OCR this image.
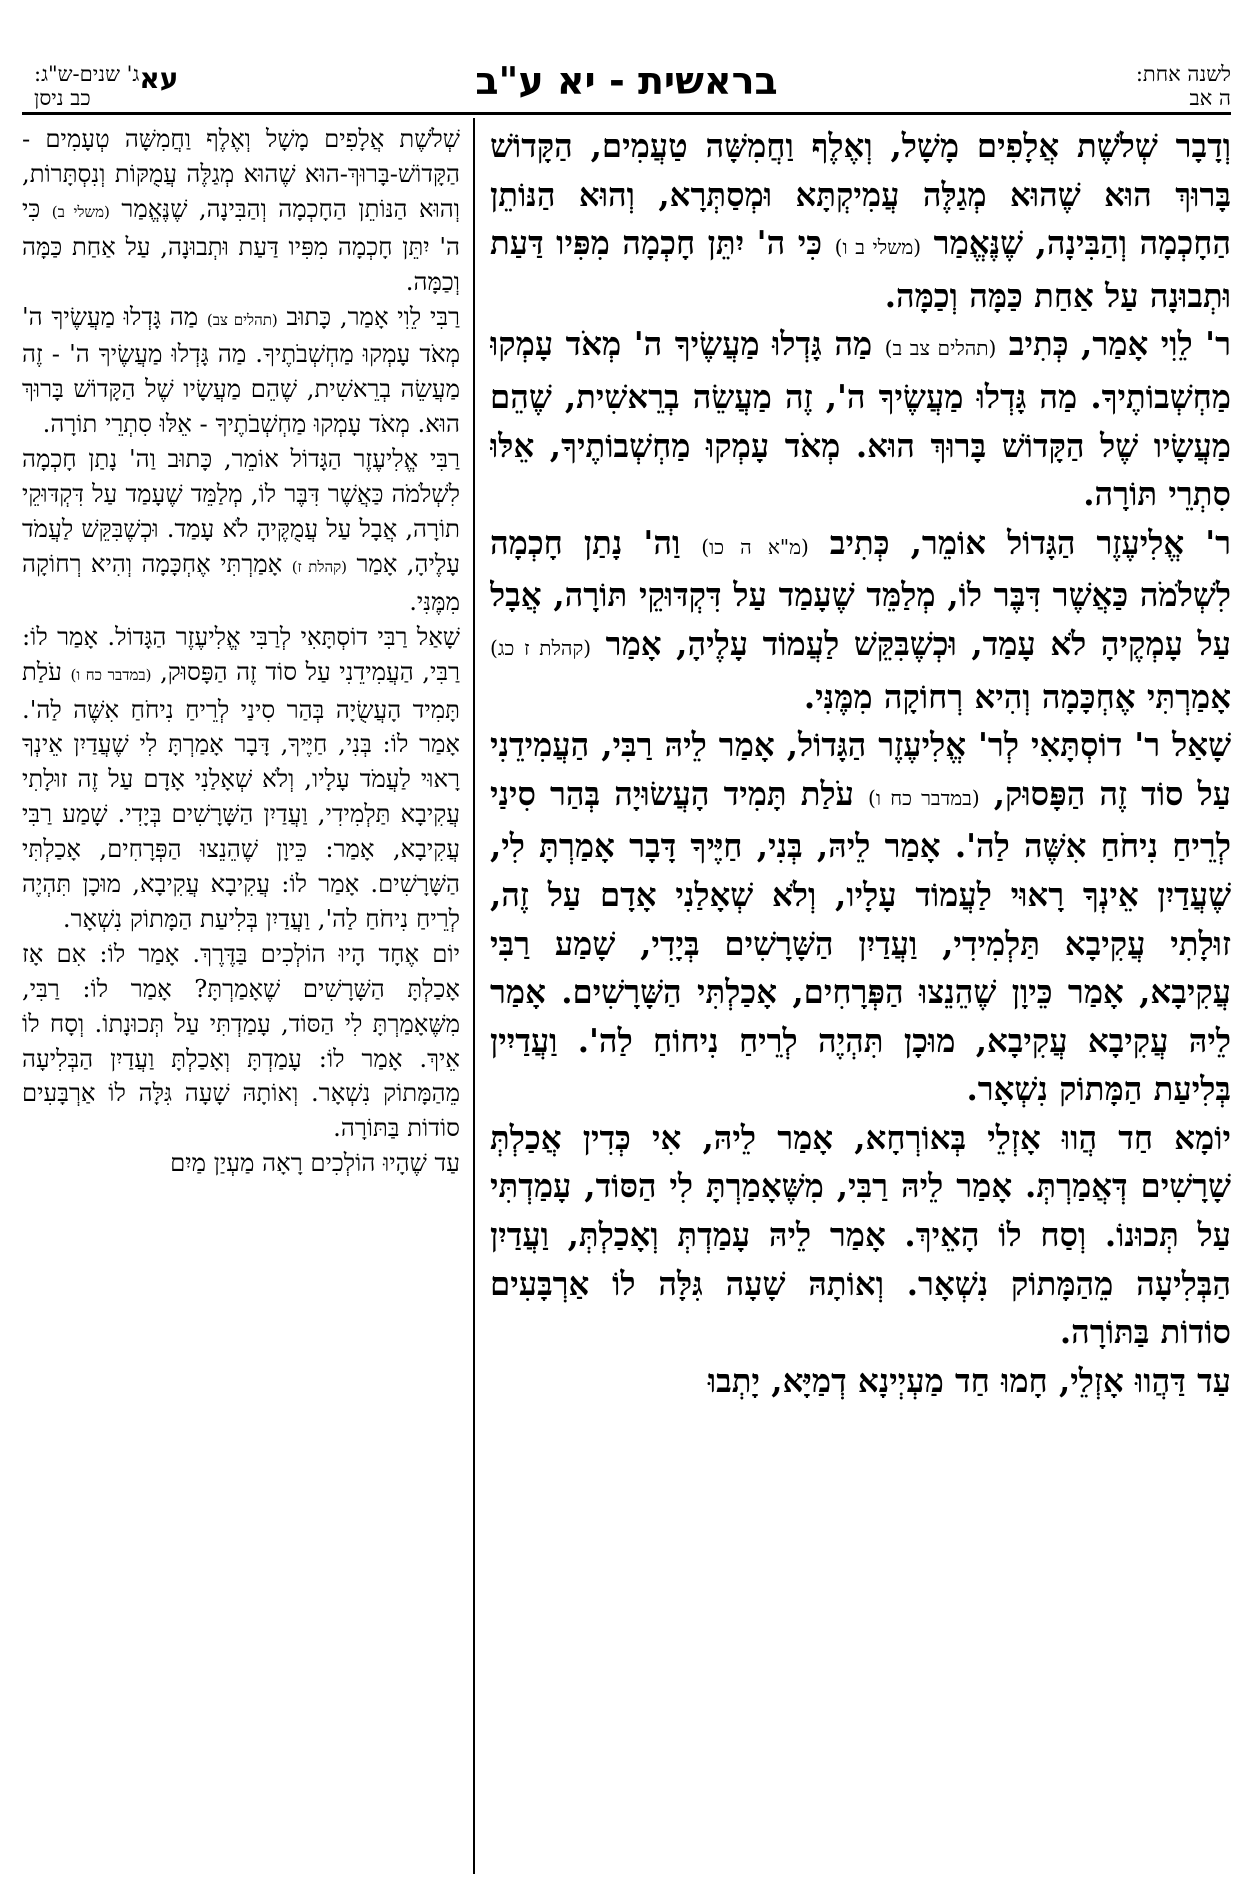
לשנה אחת:
ה אב
בראשית - יא ע"ב
עא
ג' שנים-ש"ג:
כב ניסן

וְדָבָר שְׁלֹשֶׁת אֲלָפִים מָשָׁל, וְאֶלֶף וַחֲמִשָּׁה טַעֲמִים, הַקָּדוֹשׁ בָּרוּךְ הוּא שֶׁהוּא מְגַלֶּה עֲמִיקְתָּא וּמְסַתְּרָא, וְהוּא הַנּוֹתֵן הַחָכְמָה וְהַבִּינָה, שֶׁנֶּאֱמַר (משלי ב ו) כִּי ה' יִתֵּן חָכְמָה מִפִּיו דַּעַת וּתְבוּנָה עַל אַחַת כַּמָּה וְכַמָּה.

ר' לֵוִי אָמַר, כְּתִיב (תהלים צב ב) מַה גָּדְלוּ מַעֲשֶׂיךָ ה' מְאֹד עָמְקוּ מַחְשְׁבוֹתֶיךָ. מַה גָּדְלוּ מַעֲשֶׂיךָ ה', זֶה מַעֲשֵׂה בְרֵאשִׁית, שֶׁהֵם מַעֲשָׂיו שֶׁל הַקָּדוֹשׁ בָּרוּךְ הוּא. מְאֹד עָמְקוּ מַחְשְׁבוֹתֶיךָ, אֵלּוּ סִתְרֵי תּוֹרָה.

ר' אֱלִיעֶזֶר הַגָּדוֹל אוֹמֵר, כְּתִיב (מ"א ה כו) וַה' נָתַן חָכְמָה לִשְׁלֹמֹה כַּאֲשֶׁר דִּבֶּר לוֹ, מְלַמֵּד שֶׁעָמַד עַל דִּקְדּוּקֵי תּוֹרָה, אֲבָל עַל עָמְקֶיהָ לֹא עָמַד, וּכְשֶׁבִּקֵּשׁ לַעֲמוֹד עָלֶיהָ, אָמַר (קהלת ז כג) אָמַרְתִּי אֶחְכָּמָה וְהִיא רְחוֹקָה מִמֶּנִּי.

שָׁאַל ר' דוֹסְתָּאִי לְר' אֱלִיעֶזֶר הַגָּדוֹל, אָמַר לֵיהּ רַבִּי, הַעֲמִידֵנִי עַל סוֹד זֶה הַפָּסוּק, (במדבר כח ו) עֹלַת תָּמִיד הָעֲשׂוּיָה בְּהַר סִינַי לְרֵיחַ נִיחֹחַ אִשֶּׁה לַה'. אָמַר לֵיהּ, בְּנִי, חַיֶּיךָ דָּבָר אָמַרְתָּ לִי, שֶׁעֲדַיִן אֵינְךָ רָאוּי לַעֲמוֹד עָלָיו, וְלֹא שְׁאָלַנִי אָדָם עַל זֶה, זוּלָתִי עֲקִיבָא תַּלְמִידִי, וַעֲדַיִן הַשָּׁרָשִׁים בְּיָדִי, שָׁמַע רַבִּי עֲקִיבָא, אָמַר כֵּיוָן שֶׁהֵנֵצוּ הַפְּרָחִים, אָכַלְתִּי הַשָּׁרָשִׁים. אָמַר לֵיהּ עֲקִיבָא עֲקִיבָא, מוּכָן תִּהְיֶה לְרֵיחַ נִיחוֹחַ לַה'. וַעֲדַיִין בְּלִיעַת הַמָּתוֹק נִשְׁאָר.

יוֹמָא חַד הֲווּ אָזְלֵי בְּאוֹרְחָא, אָמַר לֵיהּ, אִי כְּדִין אֲכַלְתְּ שָׁרָשִׁים דְּאֲמַרְתְּ. אָמַר לֵיהּ רַבִּי, מִשֶּׁאָמַרְתָּ לִי הַסּוֹד, עָמַדְתִּי עַל תְּכוּנוֹ. וְסַח לוֹ הָאֵיךְ. אָמַר לֵיהּ עָמַדְתְּ וְאָכַלְתְּ, וַעֲדַיִן הַבְּלִיעָה מֵהַמָּתוֹק נִשְׁאָר. וְאוֹתָהּ שָׁעָה גִּלָּה לוֹ אַרְבָּעִים סוֹדוֹת בַּתּוֹרָה.

עַד דַּהֲווּ אָזְלֵי, חָמוּ חַד מַעְיְינָא דְמַיָּא, יָתְבוּ

שְׁלֹשֶׁת אֲלָפִים מָשָׁל וְאֶלֶף וַחֲמִשָּׁה טְעָמִים - הַקָּדוֹשׁ-בָּרוּךְ-הוּא שֶׁהוּא מְגַלֶּה עֲמֻקּוֹת וְנִסְתָּרוֹת, וְהוּא הַנּוֹתֵן הַחָכְמָה וְהַבִּינָה, שֶׁנֶּאֱמַר (משלי ב) כִּי ה' יִתֵּן חָכְמָה מִפִּיו דַּעַת וּתְבוּנָה, עַל אַחַת כַּמָּה וְכַמָּה.

רַבִּי לֵוִי אָמַר, כָּתוּב (תהלים צב) מַה גָּדְלוּ מַעֲשֶׂיךָ ה' מְאֹד עָמְקוּ מַחְשְׁבֹתֶיךָ. מַה גָּדְלוּ מַעֲשֶׂיךָ ה' - זֶה מַעֲשֵׂה בְרֵאשִׁית, שֶׁהֵם מַעֲשָׂיו שֶׁל הַקָּדוֹשׁ בָּרוּךְ הוּא. מְאֹד עָמְקוּ מַחְשְׁבֹתֶיךָ - אֵלּוּ סִתְרֵי תוֹרָה.

רַבִּי אֱלִיעֶזֶר הַגָּדוֹל אוֹמֵר, כָּתוּב וַה' נָתַן חָכְמָה לִשְׁלֹמֹה כַּאֲשֶׁר דִּבֶּר לוֹ, מְלַמֵּד שֶׁעָמַד עַל דִּקְדּוּקֵי תוֹרָה, אֲבָל עַל עֲמֻקֶּיהָ לֹא עָמַד. וּכְשֶׁבִּקֵּשׁ לַעֲמֹד עָלֶיהָ, אָמַר (קהלת ז) אָמַרְתִּי אֶחְכָּמָה וְהִיא רְחוֹקָה מִמֶּנִּי.

שָׁאַל רַבִּי דוֹסְתָּאִי לְרַבִּי אֱלִיעֶזֶר הַגָּדוֹל. אָמַר לוֹ: רַבִּי, הַעֲמִידֵנִי עַל סוֹד זֶה הַפָּסוּק, (במדבר כח ו) עֹלַת תָּמִיד הָעֲשֻׂיָה בְּהַר סִינַי לְרֵיחַ נִיחֹחַ אִשֶּׁה לַה'. אָמַר לוֹ: בְּנִי, חַיֶּיךָ, דָּבָר אָמַרְתָּ לִי שֶׁעֲדַיִן אֵינְךָ רָאוּי לַעֲמֹד עָלָיו, וְלֹא שְׁאָלַנִי אָדָם עַל זֶה זוּלָתִי עֲקִיבָא תַּלְמִידִי, וַעֲדַיִן הַשָּׁרָשִׁים בְּיָדִי. שָׁמַע רַבִּי עֲקִיבָא, אָמַר: כֵּיוָן שֶׁהֵנֵצוּ הַפְּרָחִים, אָכַלְתִּי הַשָּׁרָשִׁים. אָמַר לוֹ: עֲקִיבָא עֲקִיבָא, מוּכָן תִּהְיֶה לְרֵיחַ נִיחֹחַ לַה', וַעֲדַיִן בְּלִיעַת הַמָּתוֹק נִשְׁאָר.

יוֹם אֶחָד הָיוּ הוֹלְכִים בַּדֶּרֶךְ. אָמַר לוֹ: אִם אָז אָכַלְתָּ הַשָּׁרָשִׁים שֶׁאָמַרְתָּ? אָמַר לוֹ: רַבִּי, מִשֶּׁאָמַרְתָּ לִי הַסּוֹד, עָמַדְתִּי עַל תְּכוּנָתוֹ. וְסָח לוֹ אֵיךְ. אָמַר לוֹ: עָמַדְתָּ וְאָכַלְתָּ וַעֲדַיִן הַבְּלִיעָה מֵהַמָּתוֹק נִשְׁאָר. וְאוֹתָהּ שָׁעָה גִּלָּה לוֹ אַרְבָּעִים סוֹדוֹת בַּתּוֹרָה.

עַד שֶׁהָיוּ הוֹלְכִים רָאָה מַעְיַן מַיִם
